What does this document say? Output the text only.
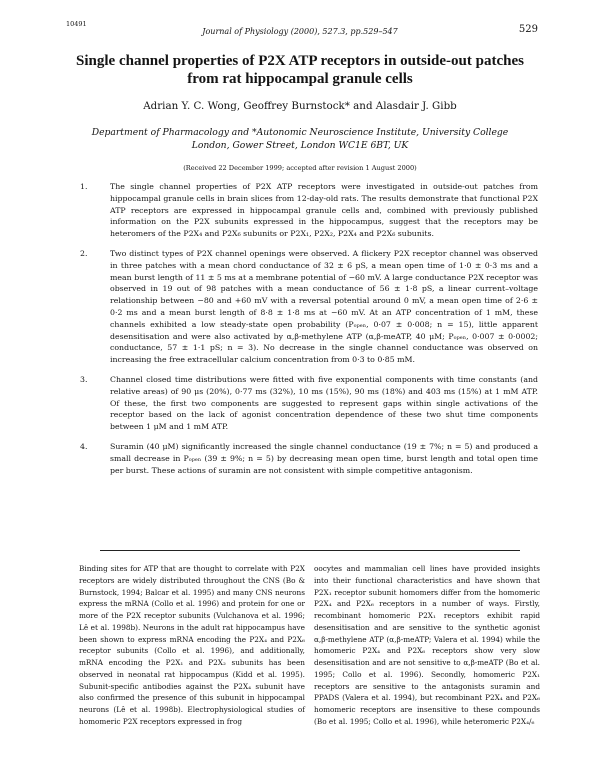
10491
Journal of Physiology (2000), 527.3, pp.529–547	529
Single channel properties of P2X ATP receptors in outside-out patches from rat hippocampal granule cells
Adrian Y. C. Wong, Geoffrey Burnstock* and Alasdair J. Gibb
Department of Pharmacology and *Autonomic Neuroscience Institute, University College London, Gower Street, London WC1E 6BT, UK
(Received 22 December 1999; accepted after revision 1 August 2000)
1.	The single channel properties of P2X ATP receptors were investigated in outside-out patches from hippocampal granule cells in brain slices from 12-day-old rats. The results demonstrate that functional P2X ATP receptors are expressed in hippocampal granule cells and, combined with previously published information on the P2X subunits expressed in the hippocampus, suggest that the receptors may be heteromers of the P2X₄ and P2X₆ subunits or P2X₁, P2X₂, P2X₄ and P2X₆ subunits.
2.	Two distinct types of P2X channel openings were observed. A flickery P2X receptor channel was observed in three patches with a mean chord conductance of 32 ± 6 pS, a mean open time of 1·0 ± 0·3 ms and a mean burst length of 11 ± 5 ms at a membrane potential of −60 mV. A large conductance P2X receptor was observed in 19 out of 98 patches with a mean conductance of 56 ± 1·8 pS, a linear current–voltage relationship between −80 and +60 mV with a reversal potential around 0 mV, a mean open time of 2·6 ± 0·2 ms and a mean burst length of 8·8 ± 1·8 ms at −60 mV. At an ATP concentration of 1 mM, these channels exhibited a low steady-state open probability (Pₒₚₑₙ, 0·07 ± 0·008; n = 15), little apparent desensitisation and were also activated by α,β-methylene ATP (α,β-meATP, 40 μM; Pₒₚₑₙ, 0·007 ± 0·0002; conductance, 57 ± 1·1 pS; n = 3). No decrease in the single channel conductance was observed on increasing the free extracellular calcium concentration from 0·3 to 0·85 mM.
3.	Channel closed time distributions were fitted with five exponential components with time constants (and relative areas) of 90 μs (20%), 0·77 ms (32%), 10 ms (15%), 90 ms (18%) and 403 ms (15%) at 1 mM ATP. Of these, the first two components are suggested to represent gaps within single activations of the receptor based on the lack of agonist concentration dependence of these two shut time components between 1 μM and 1 mM ATP.
4.	Suramin (40 μM) significantly increased the single channel conductance (19 ± 7%; n = 5) and produced a small decrease in Pₒₚₑₙ (39 ± 9%; n = 5) by decreasing mean open time, burst length and total open time per burst. These actions of suramin are not consistent with simple competitive antagonism.

Binding sites for ATP that are thought to correlate with P2X receptors are widely distributed throughout the CNS (Bo & Burnstock, 1994; Balcar et al. 1995) and many CNS neurons express the mRNA (Collo et al. 1996) and protein for one or more of the P2X receptor subunits (Vulchanova et al. 1996; Lê et al. 1998b). Neurons in the adult rat hippocampus have been shown to express mRNA encoding the P2X₄ and P2X₆ receptor subunits (Collo et al. 1996), and additionally, mRNA encoding the P2X₁ and P2X₂ subunits has been observed in neonatal rat hippocampus (Kidd et al. 1995). Subunit-specific antibodies against the P2X₄ subunit have also confirmed the presence of this subunit in hippocampal neurons (Lê et al. 1998b). Electrophysiological studies of homomeric P2X receptors expressed in frog

oocytes and mammalian cell lines have provided insights into their functional characteristics and have shown that P2X₁ receptor subunit homomers differ from the homomeric P2X₄ and P2X₆ receptors in a number of ways. Firstly, recombinant homomeric P2X₁ receptors exhibit rapid desensitisation and are sensitive to the synthetic agonist α,β-methylene ATP (α,β-meATP; Valera et al. 1994) while the homomeric P2X₄ and P2X₆ receptors show very slow desensitisation and are not sensitive to α,β-meATP (Bo et al. 1995; Collo et al. 1996). Secondly, homomeric P2X₁ receptors are sensitive to the antagonists suramin and PPADS (Valera et al. 1994), but recombinant P2X₄ and P2X₆ homomeric receptors are insensitive to these compounds (Bo et al. 1995; Collo et al. 1996), while heteromeric P2X₄/₆
